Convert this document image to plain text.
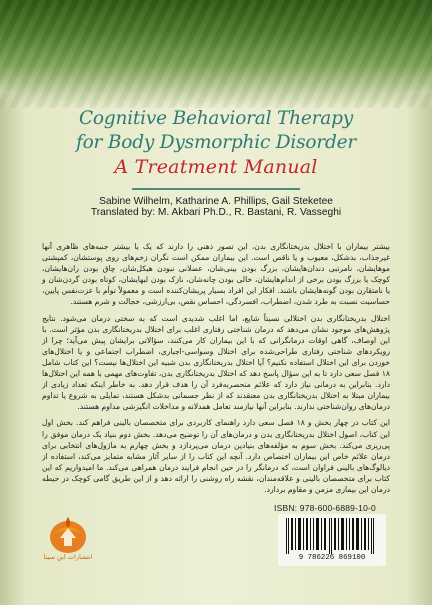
Cognitive Behavioral Therapy
for Body Dysmorphic Disorder
A Treatment Manual
Sabine Wilhelm, Katharine A. Phillips, Gail Steketee
Translated by: M. Akbari Ph.D., R. Bastani, R. Vasseghi

بیشتر بیماران با اختلال بدریختانگاری بدن، این تصور ذهنی را دارند که یک یا بیشتر جنبه‌های ظاهری آنها غیرجذاب، بدشکل، معیوب و یا ناقص است. این بیماران ممکن است نگران زخم‌های روی پوستشان، کمپشتی موهایشان، نامرتبی دندان‌هایشان، بزرگ بودن بینی‌شان، عضلانی نبودن هیکل‌شان، چاق بودن ران‌هایشان، کوچک یا بزرگ بودن برخی از اندام‌هایشان، خالی بودن چانه‌شان، نازک بودن لبهایشان، کوتاه بودن گردن‌شان و یا نامتقارن بودن گونه‌هایشان باشند. افکار این افراد بسیار پریشان‌کننده است و معمولاً توأم با عزت‌نفس پایین، حساسیت نسبت به طرد شدن، اضطراب، افسردگی، احساس نقص، بی‌ارزشی، خجالت و شرم هستند.

اختلال بدریختانگاری بدن اختلالی نسبتاً شایع، اما اغلب شدیدی است که به سختی درمان می‌شود. نتایج پژوهش‌های موجود نشان می‌دهد که درمان شناختی رفتاری اغلب برای اختلال بدریختانگاری بدن مؤثر است. با این اوصاف، گاهی اوقات درمانگرانی که با این بیماران کار می‌کنند، سؤالاتی برایشان پیش می‌آید؛ چرا از رویکردهای شناختی رفتاری طراحی‌شده برای اختلال وسواسی-اجباری، اضطراب اجتماعی و یا اختلال‌های خوردن برای این اختلال استفاده نکنیم؟ آیا اختلال بدریختانگاری بدن شبیه این اختلال‌ها نیست؟ این کتاب شامل ۱۸ فصل سعی دارد تا به این سؤال پاسخ دهد که اختلال بدریختانگاری بدن، تفاوت‌های مهمی با همه این اختلال‌ها دارد. بنابراین به درمانی نیاز دارد که علائم منحصربه‌فرد آن را هدف قرار دهد. به خاطر اینکه تعداد زیادی از بیماران مبتلا به اختلال بدریختانگاری بدن معتقدند که از نظر جسمانی بدشکل هستند، تمایلی به شروع یا تداوم درمان‌های روان‌شناختی ندارند. بنابراین آنها نیازمند تعامل همدلانه و مداخلات انگیزشی مداوم هستند.

این کتاب در چهار بخش و ۱۸ فصل سعی دارد راهنمای کاربردی برای متخصصان بالینی فراهم کند. بخش اول این کتاب، اصول اختلال بدریختانگاری بدن و درمان‌های آن را توضیح می‌دهد. بخش دوم بنیاد یک درمان موفق را پی‌ریزی می‌کند. بخش سوم به مؤلفه‌های بنیادین درمان می‌پردازد و بخش چهارم به ماژول‌های انتخابی برای درمان علائم خاص این بیماران اختصاص دارد. آنچه این کتاب را از سایر آثار مشابه متمایز می‌کند، استفاده از دیالوگ‌های بالینی فراوان است، که درمانگر را در حین انجام فرایند درمان همراهی می‌کند. ما امیدواریم که این کتاب برای متخصصان بالینی و علاقه‌مندان، نقشه راه روشنی را ارائه دهد و از این طریق گامی کوچک در حیطه درمان این بیماری مزمن و مقاوم بردارد.

انتشارات ابن سینا
ISBN: 978-600-6889-10-0
9 786226 869100
